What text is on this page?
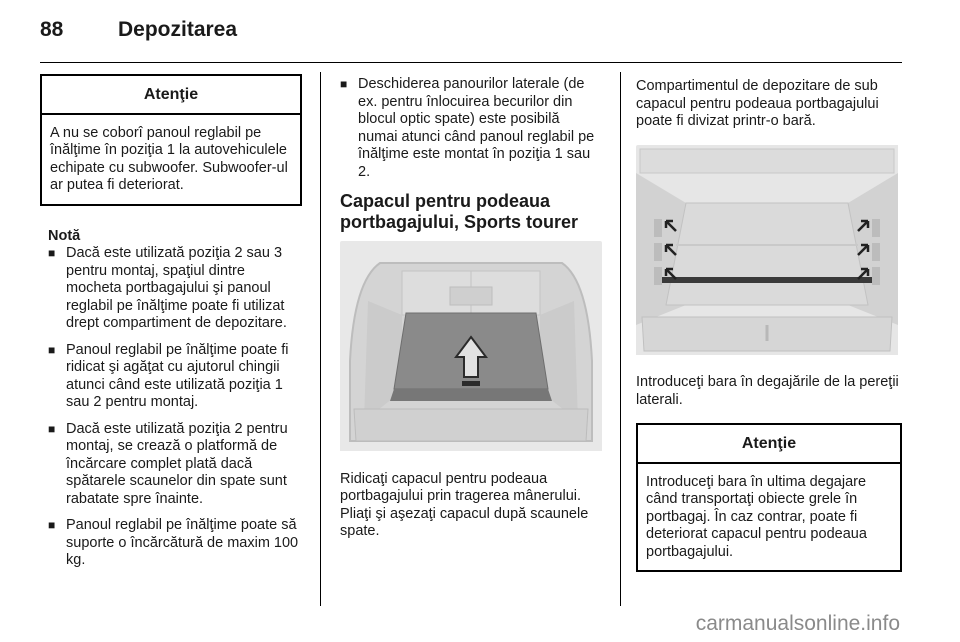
88	Depozitarea
Atenţie
A nu se coborî panoul reglabil pe înălţime în poziţia 1 la autovehiculele echipate cu subwoofer. Subwoofer-ul ar putea fi deteriorat.
Notă
■ Dacă este utilizată poziţia 2 sau 3 pentru montaj, spaţiul dintre mocheta portbagajului şi panoul reglabil pe înălţime poate fi utilizat drept compartiment de depozitare.
■ Panoul reglabil pe înălţime poate fi ridicat şi agăţat cu ajutorul chingii atunci când este utilizată poziţia 1 sau 2 pentru montaj.
■ Dacă este utilizată poziţia 2 pentru montaj, se crează o platformă de încărcare complet plată dacă spătarele scaunelor din spate sunt rabatate spre înainte.
■ Panoul reglabil pe înălţime poate să suporte o încărcătură de maxim 100 kg.
■ Deschiderea panourilor laterale (de ex. pentru înlocuirea becurilor din blocul optic spate) este posibilă numai atunci când panoul reglabil pe înălţime este montat în poziţia 1 sau 2.
Capacul pentru podeaua portbagajului, Sports tourer

Ridicaţi capacul pentru podeaua portbagajului prin tragerea mânerului. Pliaţi şi aşezaţi capacul după scaunele spate.

Compartimentul de depozitare de sub capacul pentru podeaua portbagajului poate fi divizat printr-o bară.

Introduceţi bara în degajările de la pereţii laterali.

Atenţie
Introduceţi bara în ultima degajare când transportaţi obiecte grele în portbagaj. În caz contrar, poate fi deteriorat capacul pentru podeaua portbagajului.
carmanualsonline.info
